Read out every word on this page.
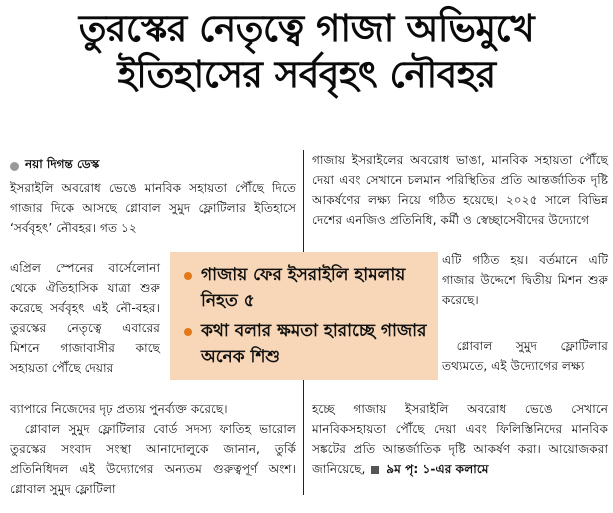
তুরস্কের নেতৃত্বে গাজা অভিমুখে
ইতিহাসের সর্ববৃহৎ নৌবহর
নয়া দিগন্ত ডেস্ক

ইসরাইলি অবরোধ ভেঙে মানবিক সহায়তা পৌঁছে দিতে গাজার দিকে আসছে গ্লোবাল সুমুদ ফ্লোটিলার ইতিহাসে ‘সর্ববৃহৎ’ নৌবহর। গত ১২

এপ্রিল স্পেনের বার্সেলোনা থেকে ঐতিহাসিক যাত্রা শুরু করেছে সর্ববৃহৎ এই নৌ-বহর। তুরস্কের নেতৃত্বে এবারের মিশনে গাজাবাসীর কাছে সহায়তা পৌঁছে দেয়ার

ব্যাপারে নিজেদের দৃঢ় প্রত্যয় পুনর্ব্যক্ত করেছে।

গ্লোবাল সুমুদ ফ্লোটিলার বোর্ড সদস্য ফাতিহ ভারোল তুরস্কের সংবাদ সংস্থা আনাদোলুকে জানান, তুর্কি প্রতিনিধিদল এই উদ্যোগের অন্যতম গুরুত্বপূর্ণ অংশ। গ্লোবাল সুমুদ ফ্লোটিলা

গাজায় ইসরাইলের অবরোধ ভাঙা, মানবিক সহায়তা পৌঁছে দেয়া এবং সেখানে চলমান পরিস্থিতির প্রতি আন্তর্জাতিক দৃষ্টি আকর্ষণের লক্ষ্য নিয়ে গঠিত হয়েছে। ২০২৫ সালে বিভিন্ন দেশের এনজিও প্রতিনিধি, কর্মী ও স্বেচ্ছাসেবীদের উদ্যোগে

এটি গঠিত হয়। বর্তমানে এটি গাজার উদ্দেশে দ্বিতীয় মিশন শুরু করেছে।

গ্লোবাল সুমুদ ফ্লোটিলার তথ্যমতে, এই উদ্যোগের লক্ষ্য

হচ্ছে গাজায় ইসরাইলি অবরোধ ভেঙে সেখানে মানবিকসহায়তা পৌঁছে দেয়া এবং ফিলিস্তিনিদের মানবিক সঙ্কটের প্রতি আন্তর্জাতিক দৃষ্টি আকর্ষণ করা। আয়োজকরা জানিয়েছে, ৯ম পৃ: ১-এর কলামে

গাজায় ফের ইসরাইলি হামলায় নিহত ৫
কথা বলার ক্ষমতা হারাচ্ছে গাজার অনেক শিশু
